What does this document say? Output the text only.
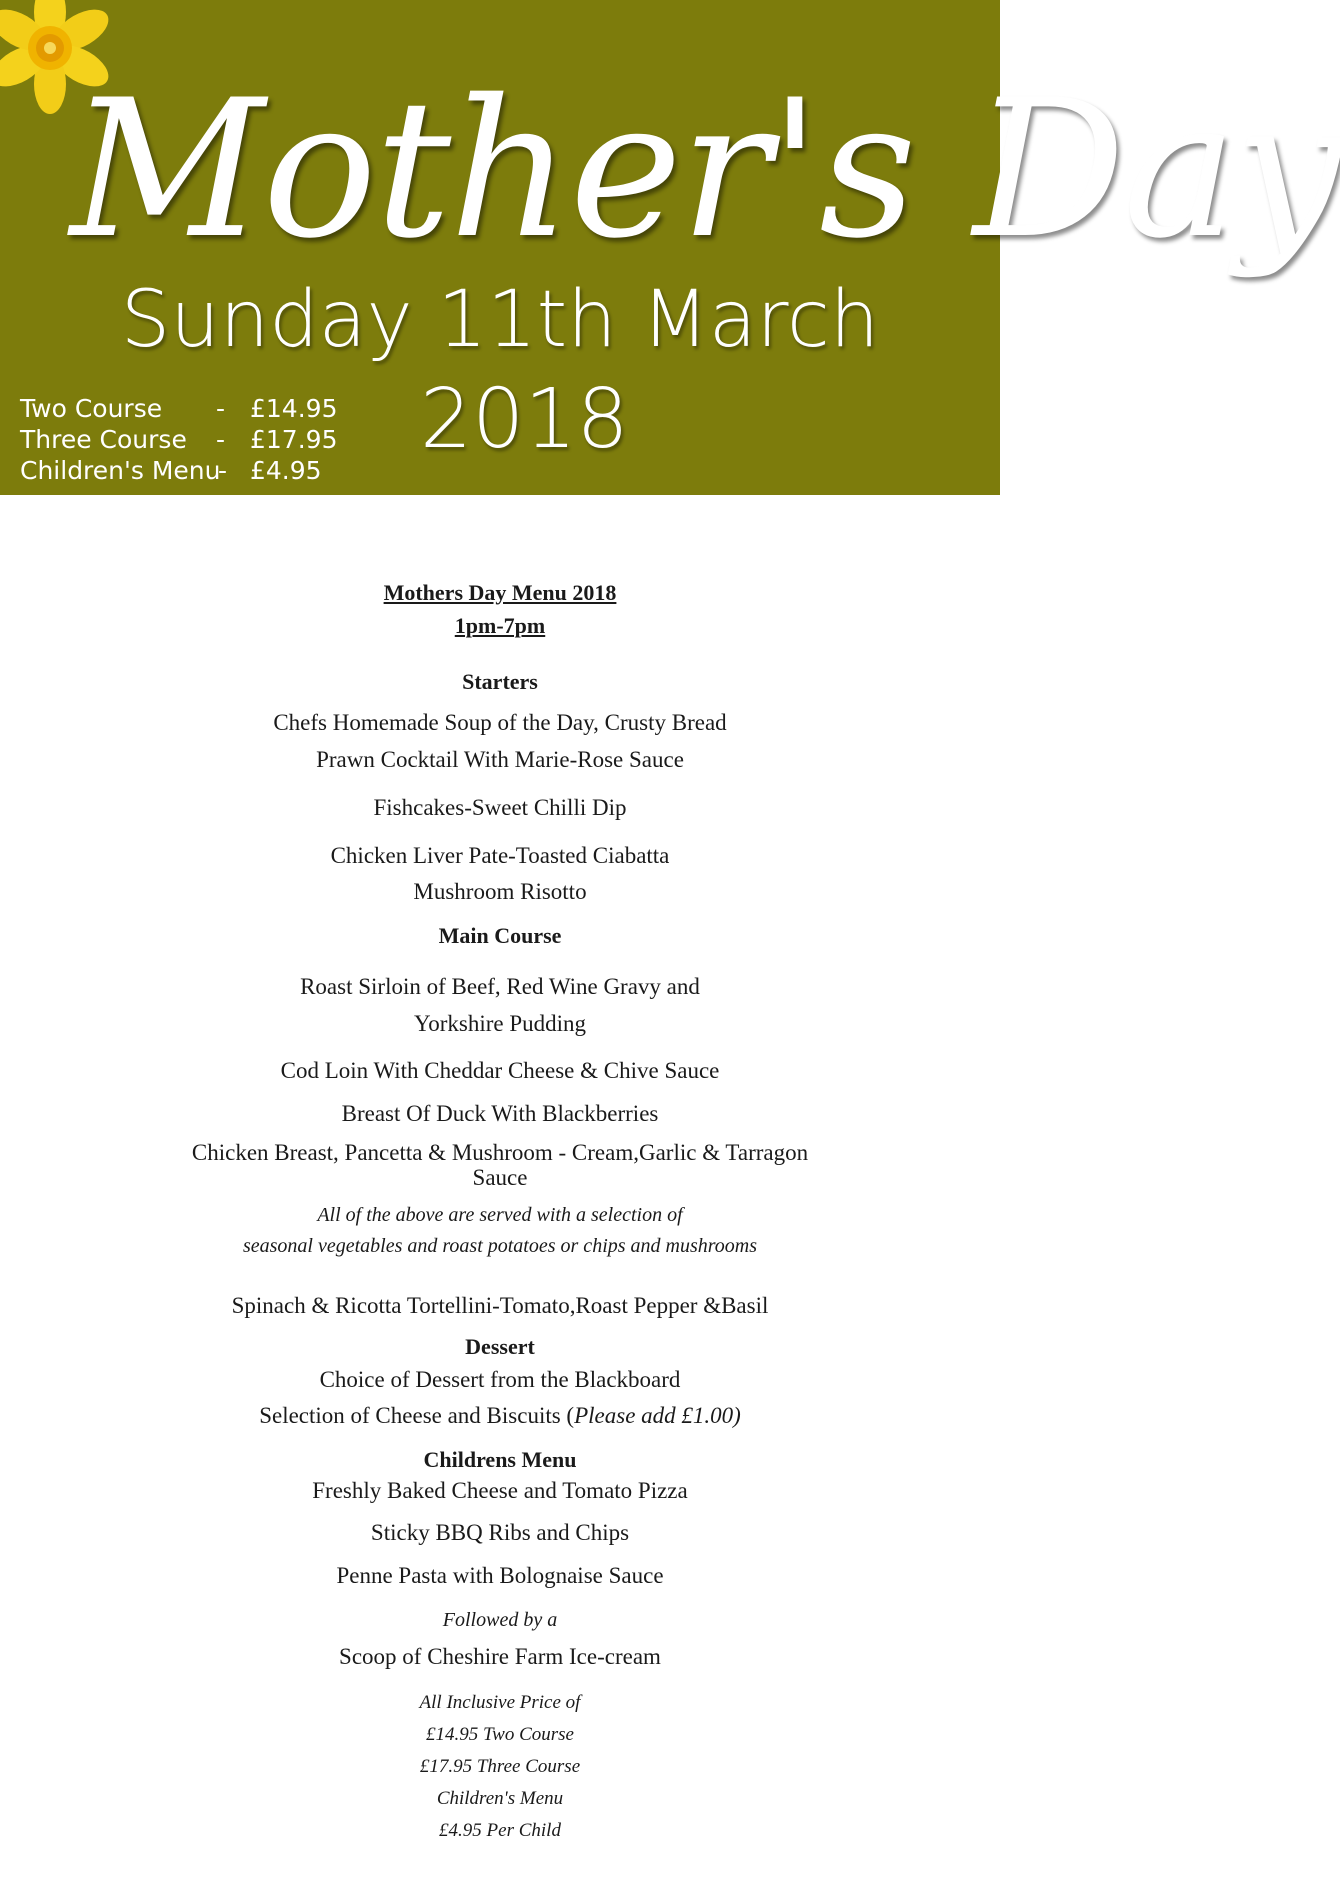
Mother's Day
Sunday 11th March
2018
Two Course - £14.95
Three Course - £17.95
Children's Menu
- £4.95
Mothers Day Menu 2018
1pm-7pm
Starters
Chefs Homemade Soup of the Day, Crusty Bread
Prawn Cocktail With Marie-Rose Sauce
Fishcakes-Sweet Chilli Dip
Chicken Liver Pate-Toasted Ciabatta
Mushroom Risotto
Main Course
Roast Sirloin of Beef, Red Wine Gravy and
Yorkshire Pudding
Cod Loin With Cheddar Cheese & Chive Sauce
Breast Of Duck With Blackberries
Chicken Breast, Pancetta & Mushroom - Cream,Garlic & Tarragon
Sauce
All of the above are served with a selection of
seasonal vegetables and roast potatoes or chips and mushrooms
Spinach & Ricotta Tortellini-Tomato,Roast Pepper &Basil
Dessert
Choice of Dessert from the Blackboard
Selection of Cheese and Biscuits (Please add £1.00)
Childrens Menu
Freshly Baked Cheese and Tomato Pizza
Sticky BBQ Ribs and Chips
Penne Pasta with Bolognaise Sauce
Followed by a
Scoop of Cheshire Farm Ice-cream
All Inclusive Price of
£14.95 Two Course
£17.95 Three Course
Children's Menu
£4.95 Per Child
